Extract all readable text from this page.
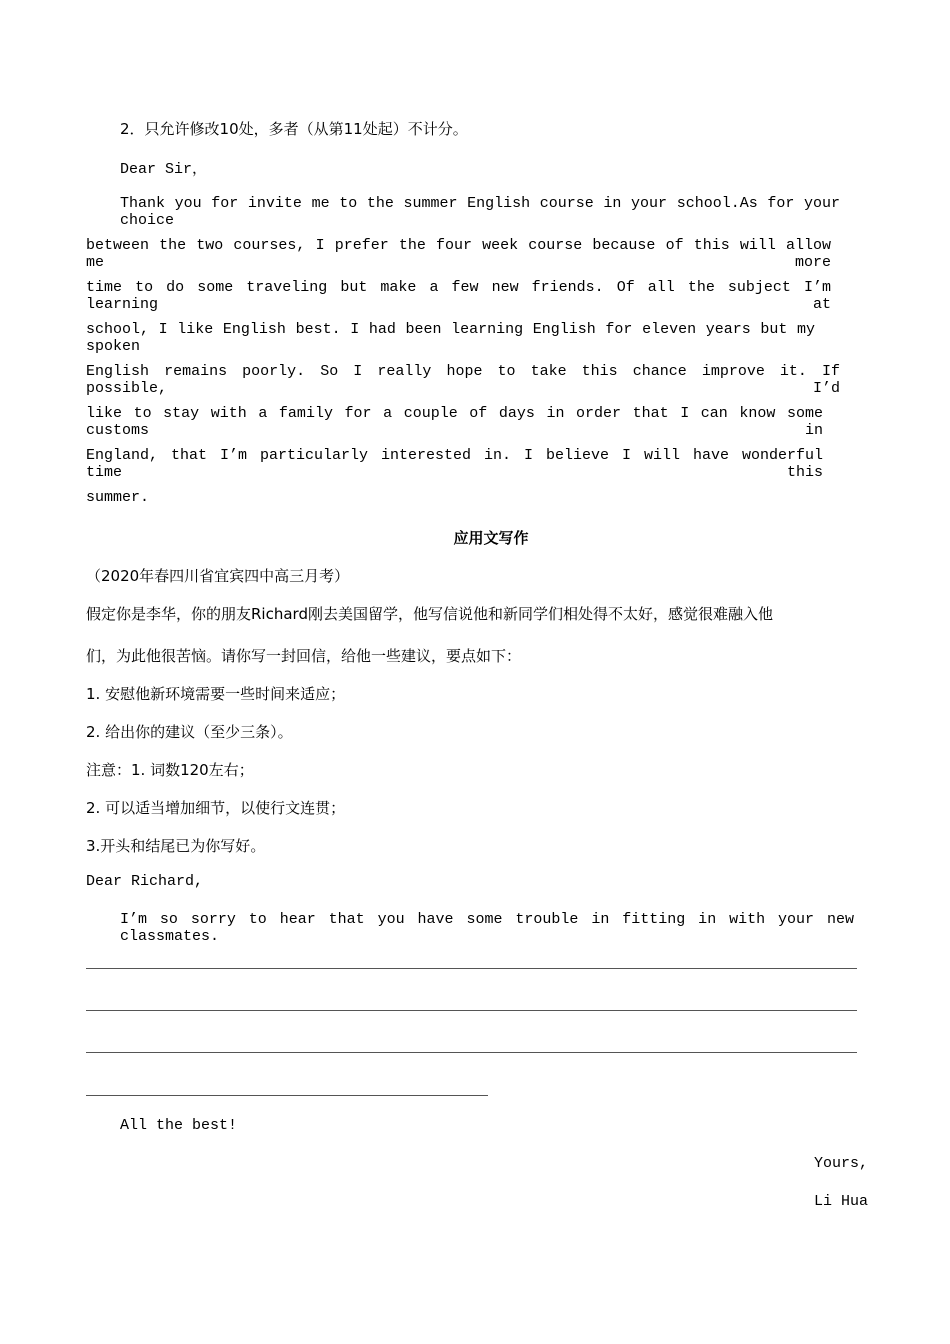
2．只允许修改10处，多者（从第11处起）不计分。
Dear Sir，
Thank you for invite me to the summer English course in your school.As for your choice
between the two courses, I prefer the four week course because of this will allow me more
time to do some traveling but make a few new friends. Of all the subject I’m learning at
school, I like English best. I had been learning English for eleven years but my spoken
English remains poorly. So I really hope to take this chance improve it. If possible, I’d
like to stay with a family for a couple of days in order that I can know some customs in
England, that I’m particularly interested in. I believe I will have wonderful time this
summer.
应用文写作
（2020年春四川省宜宾四中高三月考）
假定你是李华，你的朋友Richard刚去美国留学，他写信说他和新同学们相处得不太好，感觉很难融入他
们，为此他很苦恼。请你写一封回信，给他一些建议，要点如下：
1. 安慰他新环境需要一些时间来适应；
2. 给出你的建议（至少三条）。
注意：1. 词数120左右；
2. 可以适当增加细节，以使行文连贯；
3.开头和结尾已为你写好。
Dear Richard,
I’m so sorry to hear that you have some trouble in fitting in with your new classmates.
All the best!
Yours,
Li Hua
